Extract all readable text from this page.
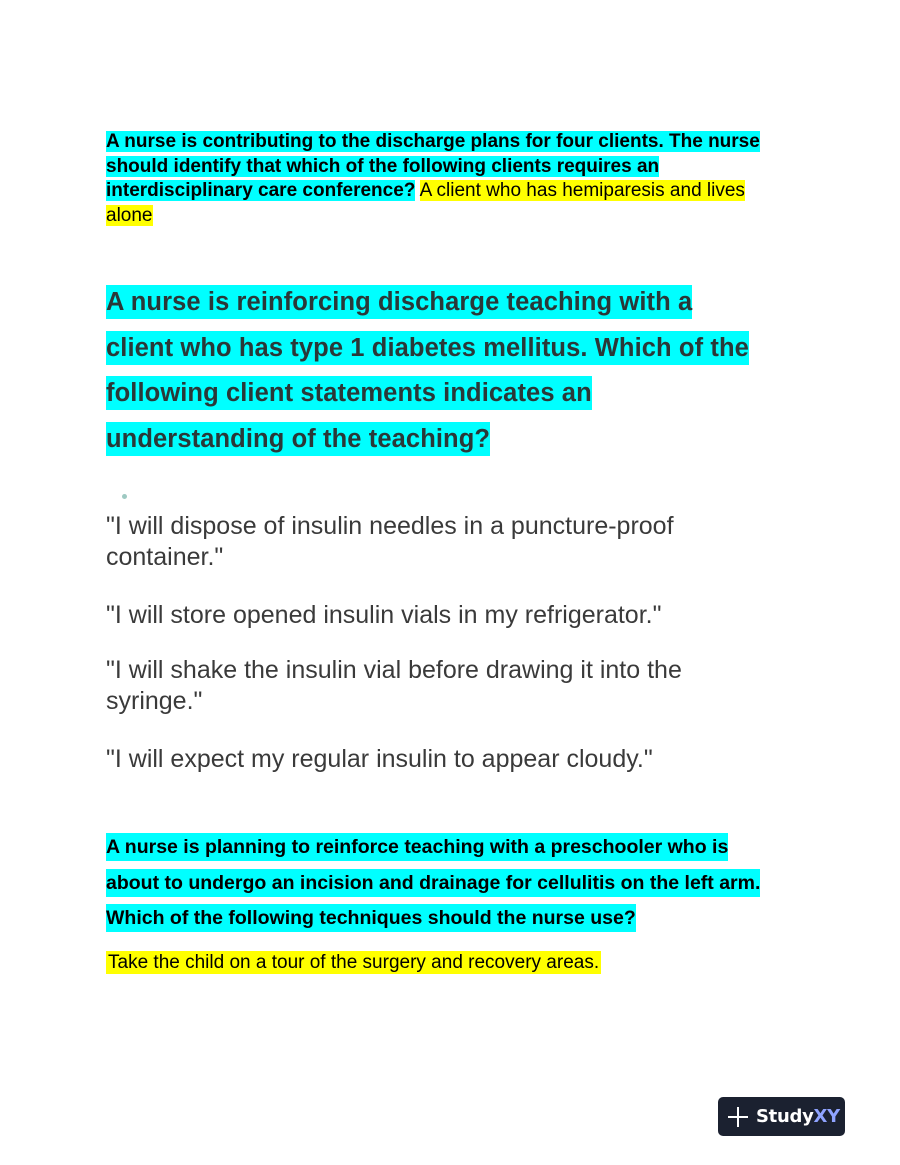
A nurse is contributing to the discharge plans for four clients. The nurse should identify that which of the following clients requires an interdisciplinary care conference? A client who has hemiparesis and lives alone
A nurse is reinforcing discharge teaching with a client who has type 1 diabetes mellitus. Which of the following client statements indicates an understanding of the teaching?
"I will dispose of insulin needles in a puncture-proof container."
"I will store opened insulin vials in my refrigerator."
"I will shake the insulin vial before drawing it into the syringe."
"I will expect my regular insulin to appear cloudy."
A nurse is planning to reinforce teaching with a preschooler who is about to undergo an incision and drainage for cellulitis on the left arm. Which of the following techniques should the nurse use?
Take the child on a tour of the surgery and recovery areas.
StudyXY
